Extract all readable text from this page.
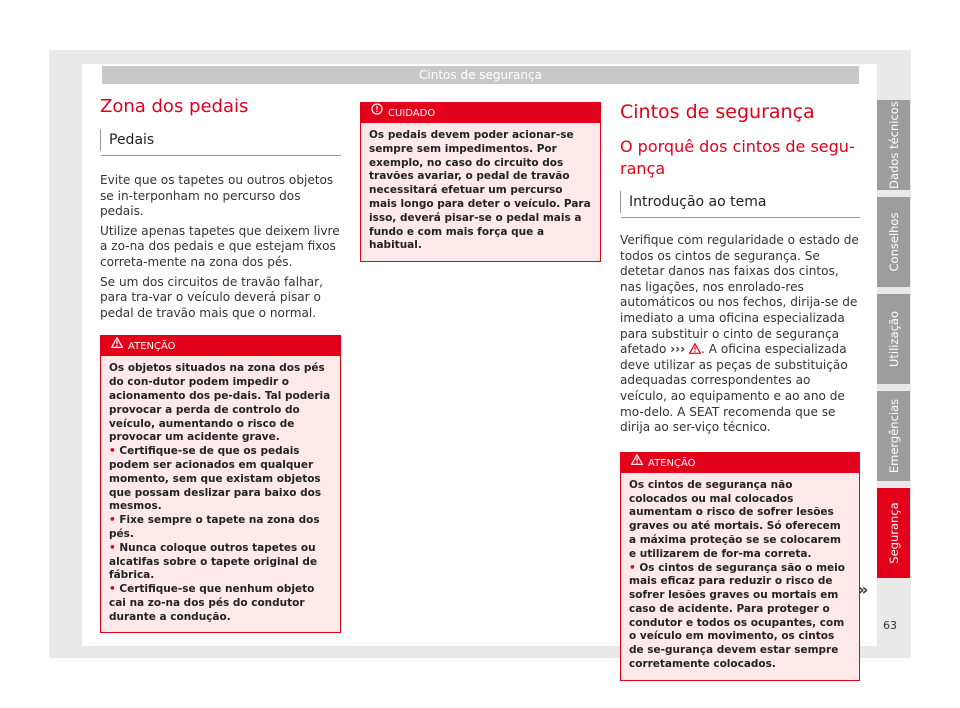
Cintos de segurança
Zona dos pedais
Pedais

Evite que os tapetes ou outros objetos se in-terponham no percurso dos pedais.

Utilize apenas tapetes que deixem livre a zo-na dos pedais e que estejam fixos correta-mente na zona dos pés.

Se um dos circuitos de travão falhar, para tra-var o veículo deverá pisar o pedal de travão mais que o normal.

ATENÇÃO
Os objetos situados na zona dos pés do con-dutor podem impedir o acionamento dos pe-dais. Tal poderia provocar a perda de controlo do veículo, aumentando o risco de provocar um acidente grave.
• Certifique-se de que os pedais podem ser acionados em qualquer momento, sem que existam objetos que possam deslizar para baixo dos mesmos.
• Fixe sempre o tapete na zona dos pés.
• Nunca coloque outros tapetes ou alcatifas sobre o tapete original de fábrica.
• Certifique-se que nenhum objeto cai na zo-na dos pés do condutor durante a condução.
CUIDADO
Os pedais devem poder acionar-se sempre sem impedimentos. Por exemplo, no caso do circuito dos travões avariar, o pedal de travão necessitará efetuar um percurso mais longo para deter o veículo. Para isso, deverá pisar-se o pedal mais a fundo e com mais força que a habitual.
Cintos de segurança
O porquê dos cintos de segu-rança
Introdução ao tema

Verifique com regularidade o estado de todos os cintos de segurança. Se detetar danos nas faixas dos cintos, nas ligações, nos enrolado-res automáticos ou nos fechos, dirija-se de imediato a uma oficina especializada para substituir o cinto de segurança afetado ››› . A oficina especializada deve utilizar as peças de substituição adequadas correspondentes ao veículo, ao equipamento e ao ano de mo-delo. A SEAT recomenda que se dirija ao ser-viço técnico.

ATENÇÃO
Os cintos de segurança não colocados ou mal colocados aumentam o risco de sofrer lesões graves ou até mortais. Só oferecem a máxima proteção se se colocarem e utilizarem de for-ma correta.
• Os cintos de segurança são o meio mais eficaz para reduzir o risco de sofrer lesões graves ou mortais em caso de acidente. Para proteger o condutor e todos os ocupantes, com o veículo em movimento, os cintos de se-gurança devem estar sempre corretamente colocados.
»
Dados técnicos
Conselhos
Utilização
Emergências
Segurança
63
